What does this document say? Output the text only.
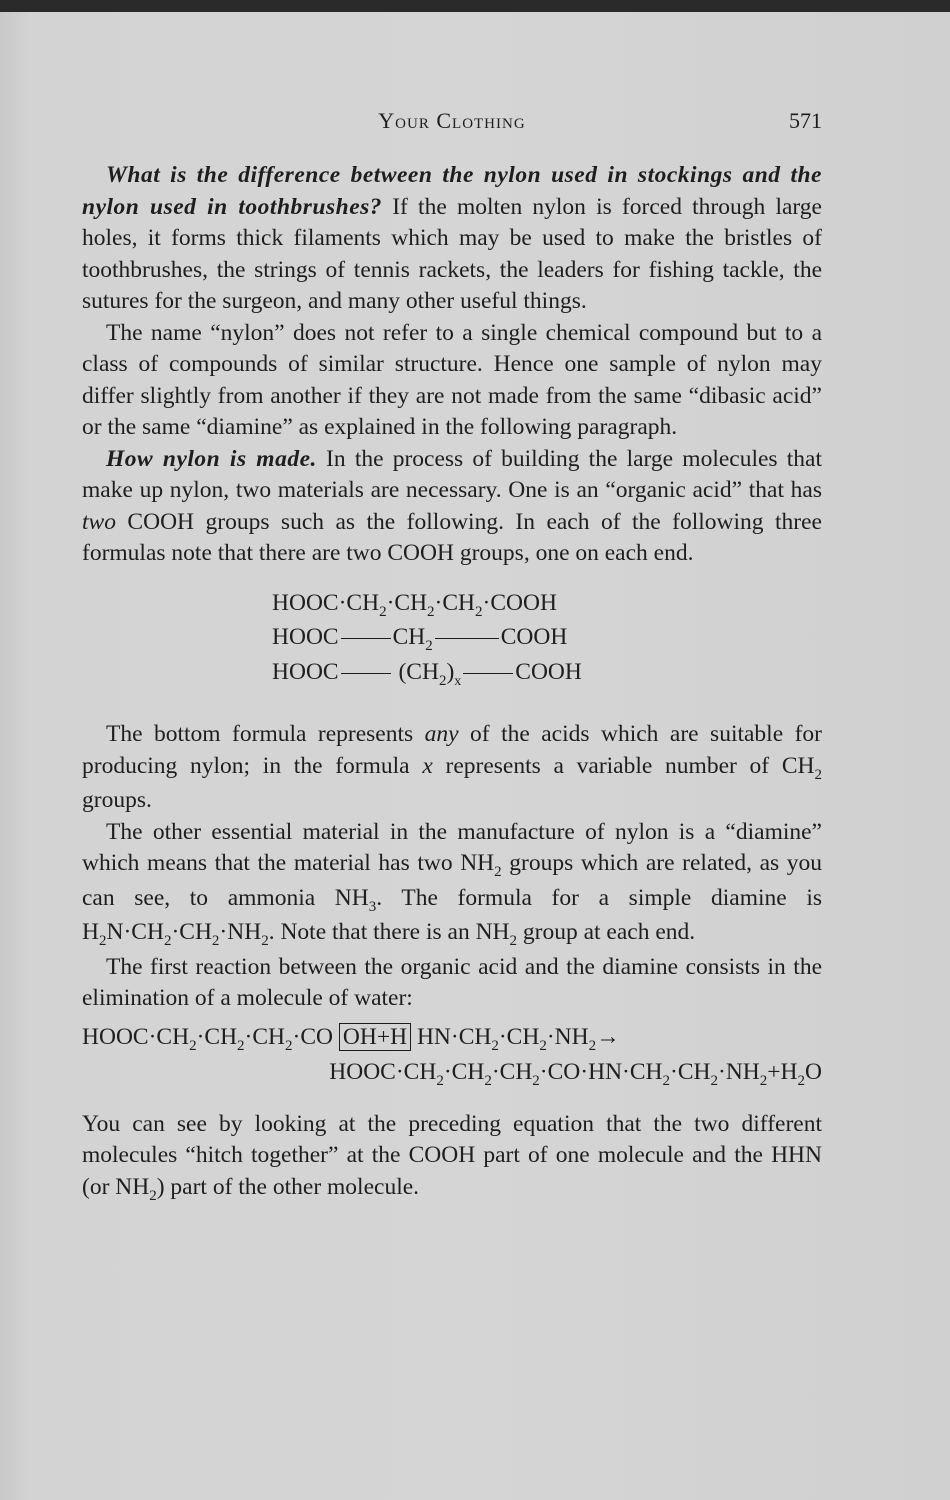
Your Clothing	571

What is the difference between the nylon used in stockings and the nylon used in toothbrushes? If the molten nylon is forced through large holes, it forms thick filaments which may be used to make the bristles of toothbrushes, the strings of tennis rackets, the leaders for fishing tackle, the sutures for the surgeon, and many other useful things.

The name “nylon” does not refer to a single chemical compound but to a class of compounds of similar structure. Hence one sample of nylon may differ slightly from another if they are not made from the same “dibasic acid” or the same “diamine” as explained in the following paragraph.

How nylon is made. In the process of building the large molecules that make up nylon, two materials are necessary. One is an “organic acid” that has two COOH groups such as the following. In each of the following three formulas note that there are two COOH groups, one on each end.

$HOOC\cdot CH_2\cdot CH_2\cdot CH_2\cdot COOH$
HOOC $CH_2$	COOH
HOOC	$(CH_2)_x$ COOH

The bottom formula represents any of the acids which are suitable for producing nylon; in the formula x represents a variable number of $CH_2$ groups.

The other essential material in the manufacture of nylon is a “diamine” which means that the material has two $NH_2$ groups which are related, as you can see, to ammonia $NH_3$. The formula for a simple diamine is $H_2N\cdot CH_2\cdot CH_2\cdot NH_2$. Note that there is an $NH_2$ group at each end.

The first reaction between the organic acid and the diamine consists in the elimination of a molecule of water:

$HOOC\cdot CH_2\cdot CH_2\cdot CH_2\cdot CO$ OH+H $HN\cdot CH_2\cdot CH_2\cdot NH_2\to$
$HOOC\cdot CH_2\cdot CH_2\cdot CH_2\cdot CO\cdot HN\cdot CH_2\cdot CH_2\cdot NH_2+H_2O$

You can see by looking at the preceding equation that the two different molecules “hitch together” at the COOH part of one molecule and the HHN (or $NH_2$) part of the other molecule.
